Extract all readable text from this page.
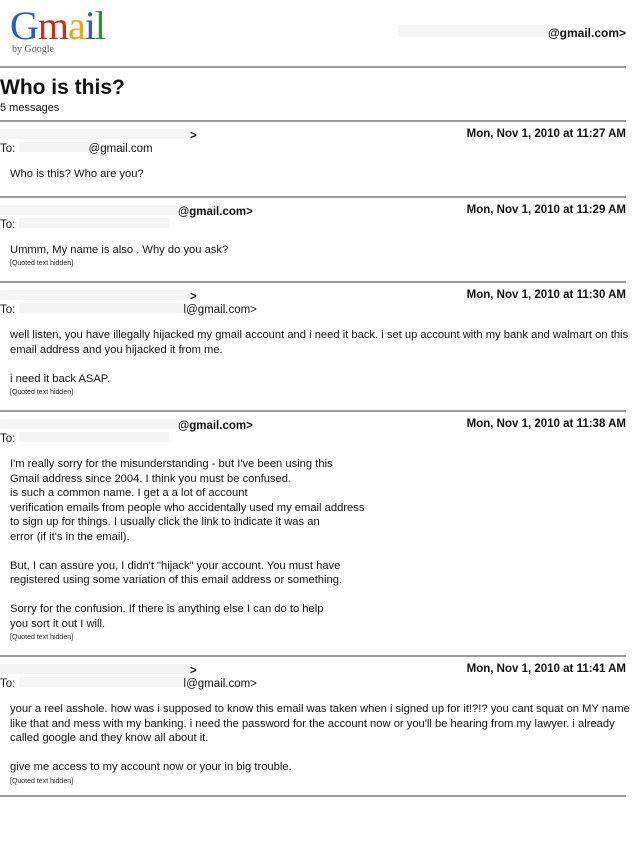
Gmail
by Google
@gmail.com>
Who is this?
5 messages
>	Mon, Nov 1, 2010 at 11:27 AM
To:	@gmail.com
Who is this? Who are you?
@gmail.com>	Mon, Nov 1, 2010 at 11:29 AM
To:
Ummm, My name is also . Why do you ask?
[Quoted text hidden]
>	Mon, Nov 1, 2010 at 11:30 AM
To:	l@gmail.com>
well listen, you have illegally hijacked my gmail account and i need it back. i set up account with my bank and walmart on this email address and you hijacked it from me.

i need it back ASAP.
[Quoted text hidden]
@gmail.com>	Mon, Nov 1, 2010 at 11:38 AM
To:
I'm really sorry for the misunderstanding - but I've been using this
Gmail address since 2004. I think you must be confused.
is such a common name. I get a a lot of account
verification emails from people who accidentally used my email address
to sign up for things. I usually click the link to indicate it was an
error (if it's in the email).

But, I can assure you, I didn't "hijack" your account. You must have
registered using some variation of this email address or something.

Sorry for the confusion. If there is anything else I can do to help
you sort it out I will.
[Quoted text hidden]
>	Mon, Nov 1, 2010 at 11:41 AM
To:	l@gmail.com>
your a reel asshole. how was i supposed to know this email was taken when i signed up for it!?!? you cant squat on MY name like that and mess with my banking. i need the password for the account now or you'll be hearing from my lawyer. i already called google and they know all about it.

give me access to my account now or your in big trouble.
[Quoted text hidden]
